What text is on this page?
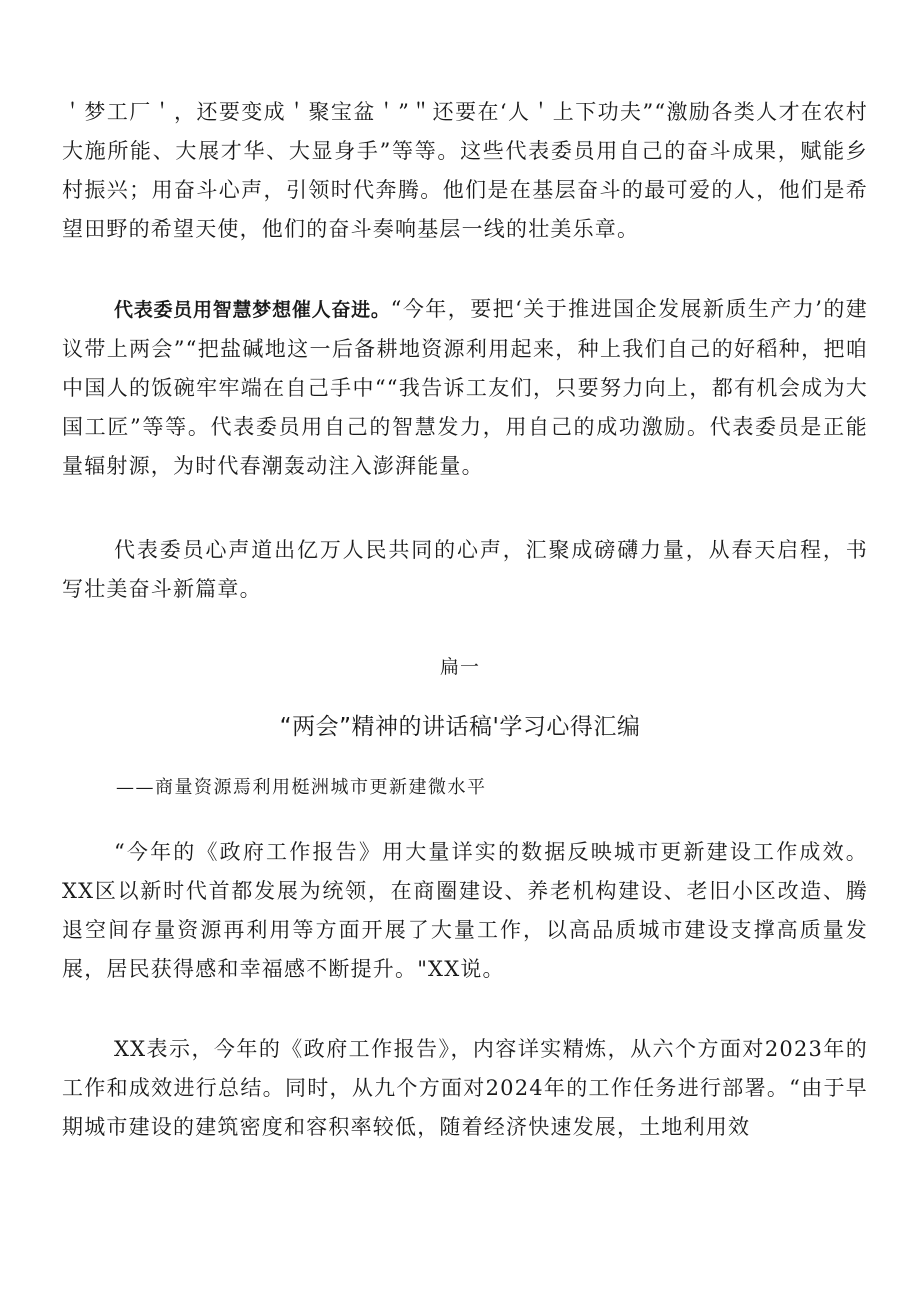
＇梦工厂＇，还要变成＇聚宝盆＇”＂还要在‘人＇上下功夫”“激励各类人才在农村大施所能、大展才华、大显身手”等等。这些代表委员用自己的奋斗成果，赋能乡村振兴；用奋斗心声，引领时代奔腾。他们是在基层奋斗的最可爱的人，他们是希望田野的希望天使，他们的奋斗奏响基层一线的壮美乐章。

代表委员用智慧梦想催人奋进。“今年，要把‘关于推进国企发展新质生产力’的建议带上两会”“把盐碱地这一后备耕地资源利用起来，种上我们自己的好稻种，把咱中国人的饭碗牢牢端在自己手中““我告诉工友们，只要努力向上，都有机会成为大国工匠”等等。代表委员用自己的智慧发力，用自己的成功激励。代表委员是正能量辐射源，为时代春潮轰动注入澎湃能量。

代表委员心声道出亿万人民共同的心声，汇聚成磅礴力量，从春天启程，书写壮美奋斗新篇章。

扁一
“两会”精神的讲话稿'学习心得汇编
——商量资源焉利用梃洲城市更新建微水平

“今年的《政府工作报告》用大量详实的数据反映城市更新建设工作成效。XX区以新时代首都发展为统领，在商圈建设、养老机构建设、老旧小区改造、腾退空间存量资源再利用等方面开展了大量工作，以高品质城市建设支撑高质量发展，居民获得感和幸福感不断提升。"XX说。

XX表示，今年的《政府工作报告》，内容详实精炼，从六个方面对2023年的工作和成效进行总结。同时，从九个方面对2024年的工作任务进行部署。“由于早期城市建设的建筑密度和容积率较低，随着经济快速发展，土地利用效
